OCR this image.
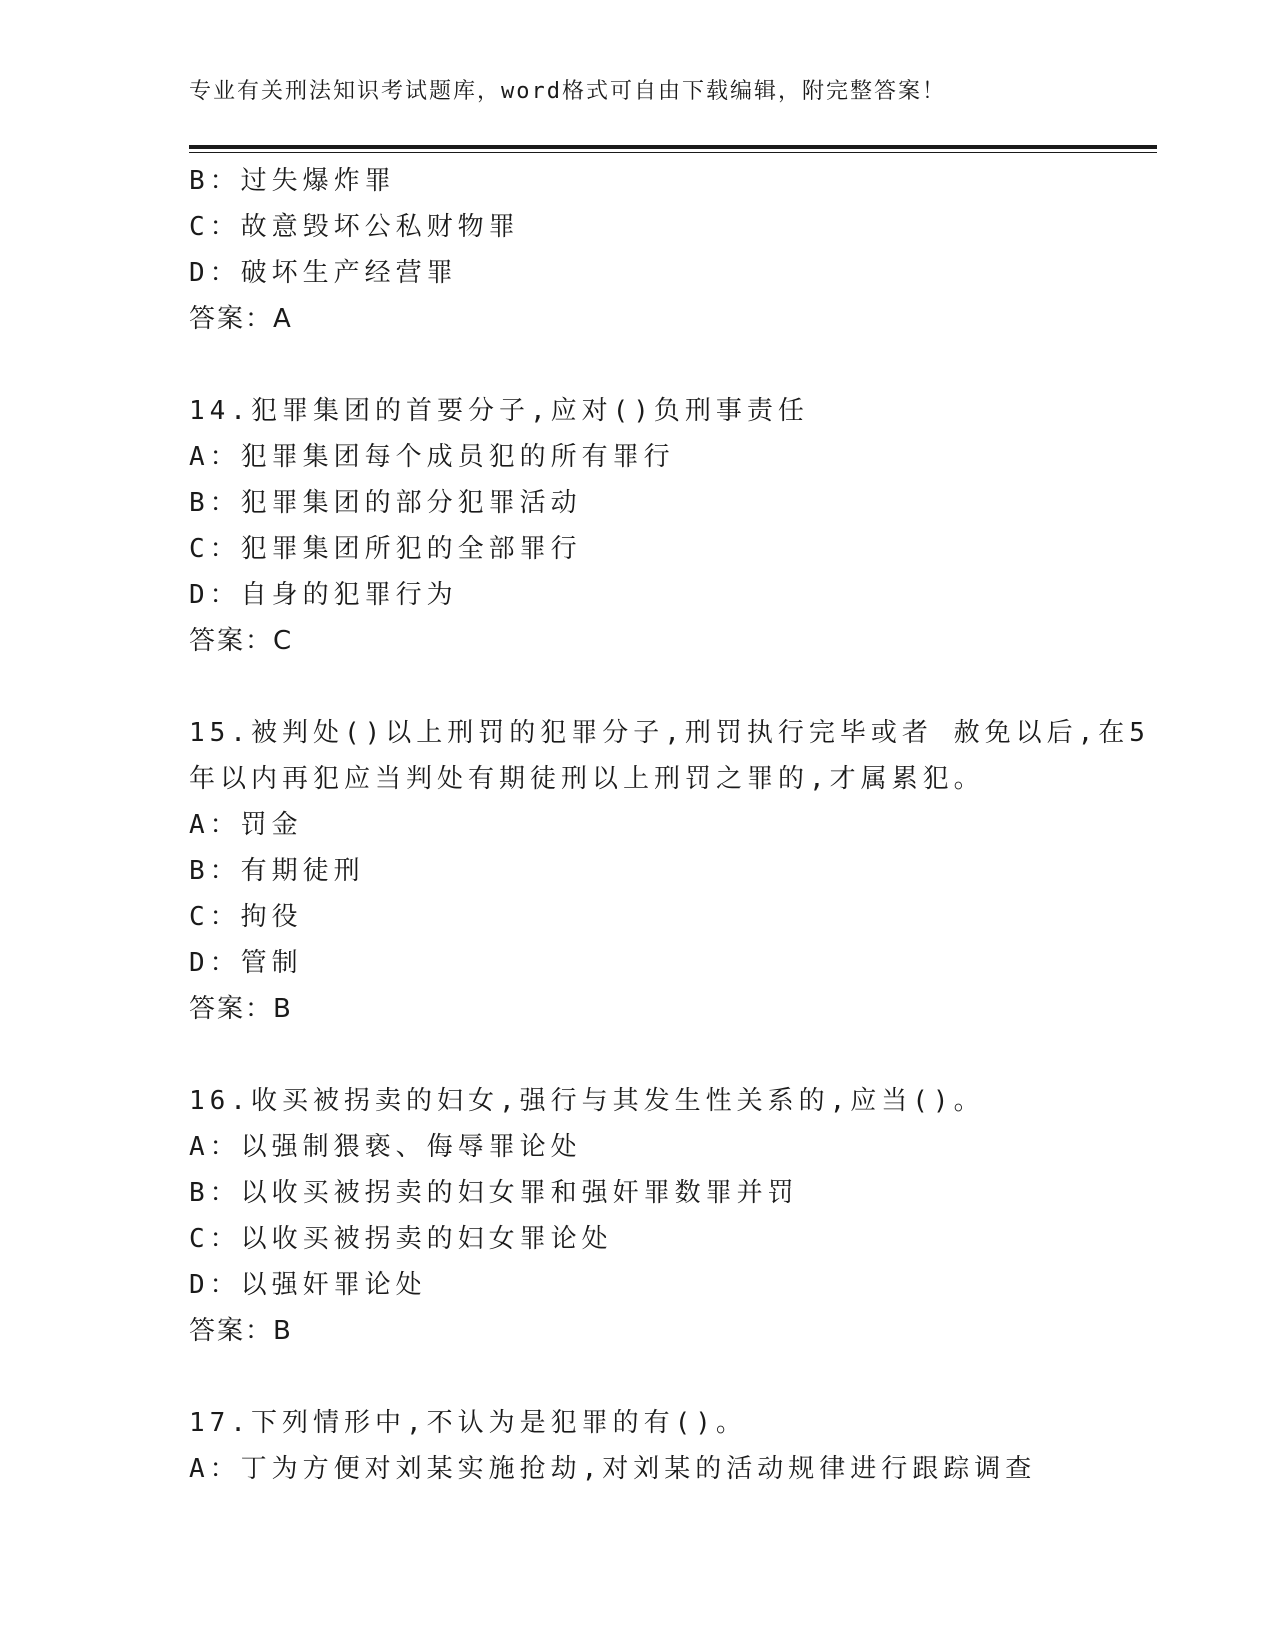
专业有关刑法知识考试题库，word格式可自由下载编辑，附完整答案！
B：过失爆炸罪
C：故意毁坏公私财物罪
D：破坏生产经营罪
答案：A
14.犯罪集团的首要分子,应对()负刑事责任
A：犯罪集团每个成员犯的所有罪行
B：犯罪集团的部分犯罪活动
C：犯罪集团所犯的全部罪行
D：自身的犯罪行为
答案：C
15.被判处()以上刑罚的犯罪分子,刑罚执行完毕或者 赦免以后,在5
年以内再犯应当判处有期徒刑以上刑罚之罪的,才属累犯。
A：罚金
B：有期徒刑
C：拘役
D：管制
答案：B
16.收买被拐卖的妇女,强行与其发生性关系的,应当()。
A：以强制猥亵、侮辱罪论处
B：以收买被拐卖的妇女罪和强奸罪数罪并罚
C：以收买被拐卖的妇女罪论处
D：以强奸罪论处
答案：B
17.下列情形中,不认为是犯罪的有()。
A：丁为方便对刘某实施抢劫,对刘某的活动规律进行跟踪调查
